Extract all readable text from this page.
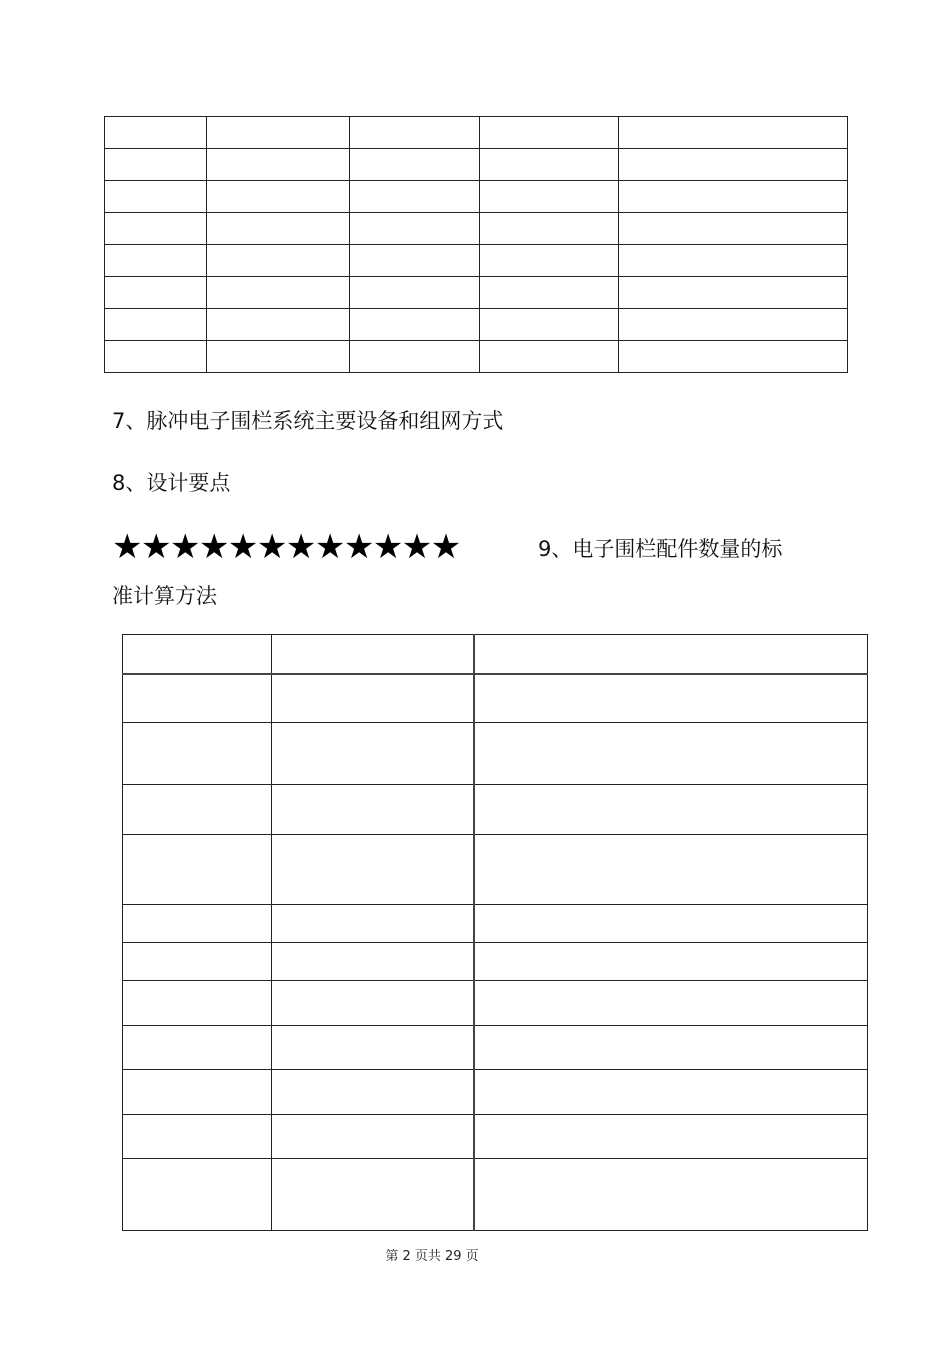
7、脉冲电子围栏系统主要设备和组网方式
8、设计要点
★★★★★★★★★★★★	9、电子围栏配件数量的标
准计算方法

第 2 页共 29 页
